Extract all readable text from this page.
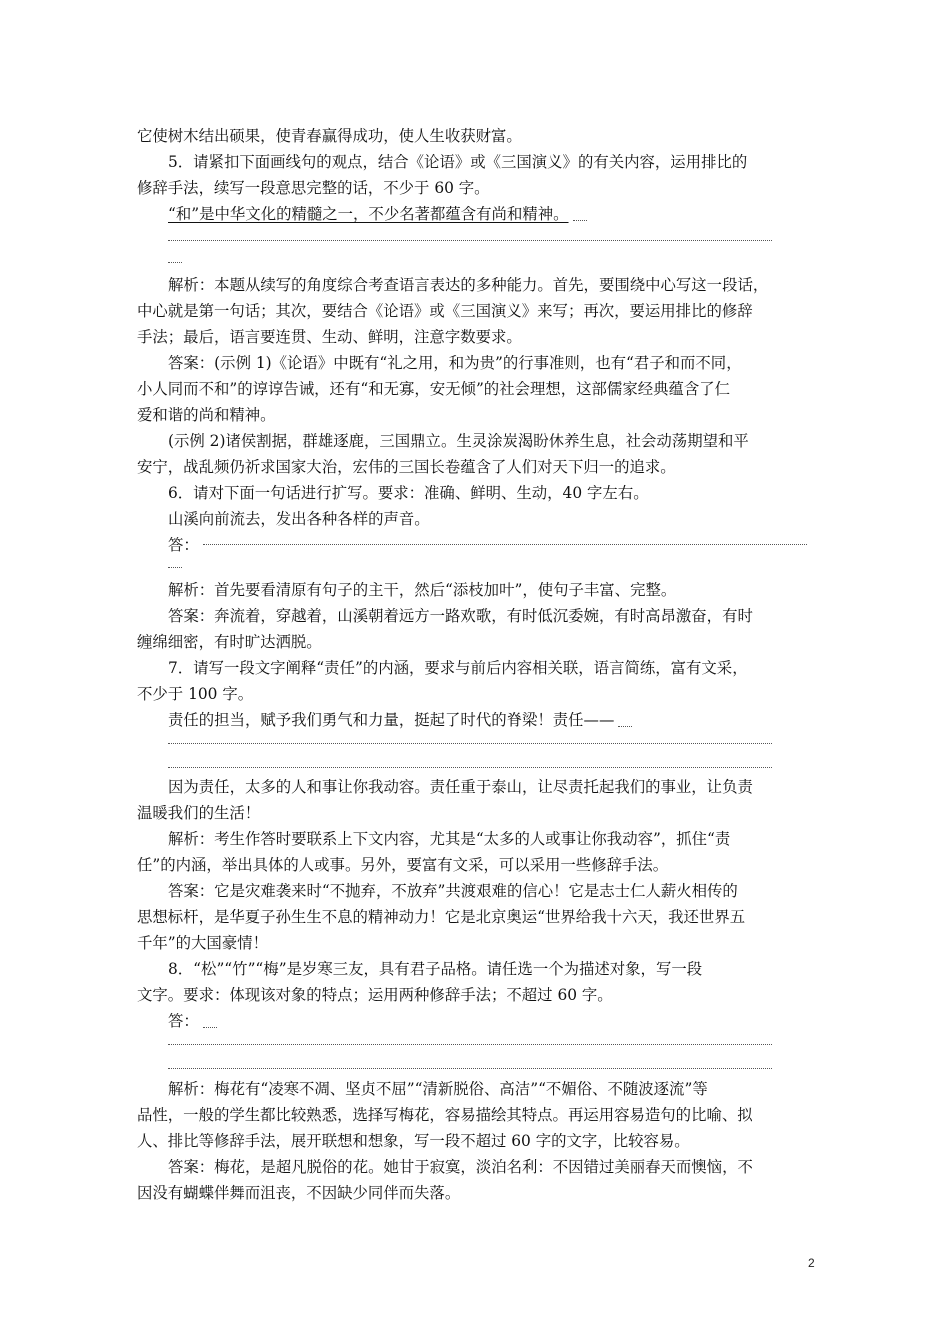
它使树木结出硕果，使青春赢得成功，使人生收获财富。
5．请紧扣下面画线句的观点，结合《论语》或《三国演义》的有关内容，运用排比的
修辞手法，续写一段意思完整的话，不少于 60 字。
“和”是中华文化的精髓之一，不少名著都蕴含有尚和精神。
解析：本题从续写的角度综合考查语言表达的多种能力。首先，要围绕中心写这一段话，
中心就是第一句话；其次，要结合《论语》或《三国演义》来写；再次，要运用排比的修辞
手法；最后，语言要连贯、生动、鲜明，注意字数要求。
答案：(示例 1)《论语》中既有“礼之用，和为贵”的行事准则，也有“君子和而不同，
小人同而不和”的谆谆告诫，还有“和无寡，安无倾”的社会理想，这部儒家经典蕴含了仁
爱和谐的尚和精神。
(示例 2)诸侯割据，群雄逐鹿，三国鼎立。生灵涂炭渴盼休养生息，社会动荡期望和平
安宁，战乱频仍祈求国家大治，宏伟的三国长卷蕴含了人们对天下归一的追求。
6．请对下面一句话进行扩写。要求：准确、鲜明、生动，40 字左右。
山溪向前流去，发出各种各样的声音。
答：
解析：首先要看清原有句子的主干，然后“添枝加叶”，使句子丰富、完整。
答案：奔流着，穿越着，山溪朝着远方一路欢歌，有时低沉委婉，有时高昂激奋，有时
缠绵细密，有时旷达洒脱。
7．请写一段文字阐释“责任”的内涵，要求与前后内容相关联，语言简练，富有文采，
不少于 100 字。
责任的担当，赋予我们勇气和力量，挺起了时代的脊梁！责任——
因为责任，太多的人和事让你我动容。责任重于泰山，让尽责托起我们的事业，让负责
温暖我们的生活！
解析：考生作答时要联系上下文内容，尤其是“太多的人或事让你我动容”，抓住“责
任”的内涵，举出具体的人或事。另外，要富有文采，可以采用一些修辞手法。
答案：它是灾难袭来时“不抛弃，不放弃”共渡艰难的信心！它是志士仁人薪火相传的
思想标杆，是华夏子孙生生不息的精神动力！它是北京奥运“世界给我十六天，我还世界五
千年”的大国豪情！
8．“松”“竹”“梅”是岁寒三友，具有君子品格。请任选一个为描述对象，写一段
文字。要求：体现该对象的特点；运用两种修辞手法；不超过 60 字。
答：
解析：梅花有“凌寒不凋、坚贞不屈”“清新脱俗、高洁”“不媚俗、不随波逐流”等
品性，一般的学生都比较熟悉，选择写梅花，容易描绘其特点。再运用容易造句的比喻、拟
人、排比等修辞手法，展开联想和想象，写一段不超过 60 字的文字，比较容易。
答案：梅花，是超凡脱俗的花。她甘于寂寞，淡泊名利：不因错过美丽春天而懊恼，不
因没有蝴蝶伴舞而沮丧，不因缺少同伴而失落。
2
